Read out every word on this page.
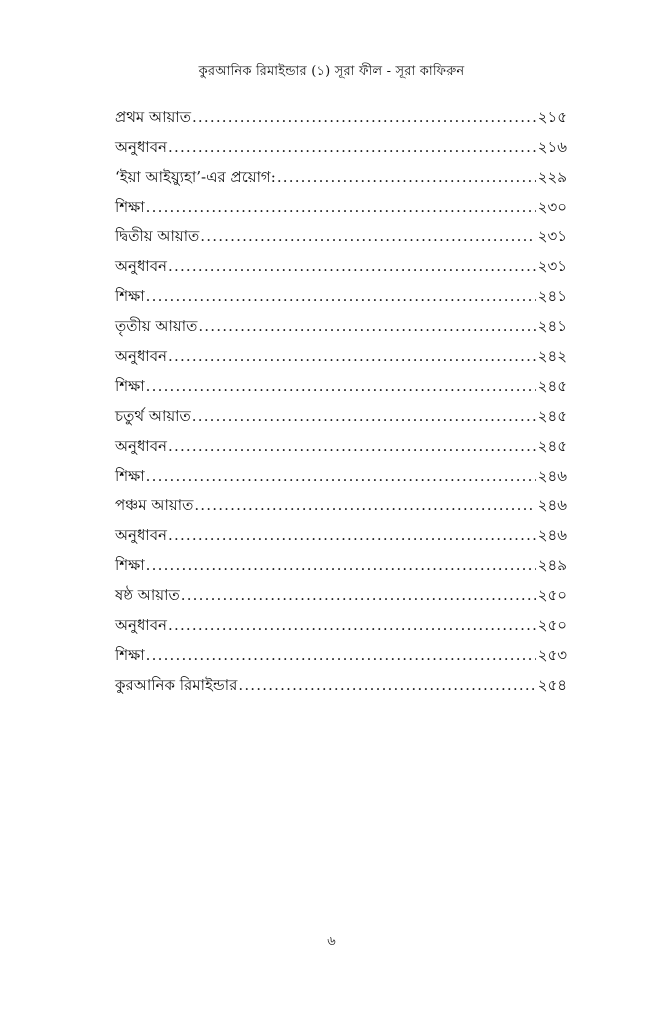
কুরআনিক রিমাইন্ডার (১) সূরা ফীল - সূরা কাফিরুন
প্রথম আয়াত .....	২১৫
অনুধাবন .....	২১৬
‘ইয়া আইয়্যুহা’-এর প্রয়োগ: .....	২২৯
শিক্ষা .....	২৩০
দ্বিতীয় আয়াত .....	২৩১
অনুধাবন .....	২৩১
শিক্ষা .....	২৪১
তৃতীয় আয়াত .....	২৪১
অনুধাবন .....	২৪২
শিক্ষা .....	২৪৫
চতুর্থ আয়াত .....	২৪৫
অনুধাবন .....	২৪৫
শিক্ষা .....	২৪৬
পঞ্চম আয়াত .....	২৪৬
অনুধাবন .....	২৪৬
শিক্ষা .....	২৪৯
ষষ্ঠ আয়াত .....	২৫০
অনুধাবন .....	২৫০
শিক্ষা .....	২৫৩
কুরআনিক রিমাইন্ডার .....	২৫৪
৬
